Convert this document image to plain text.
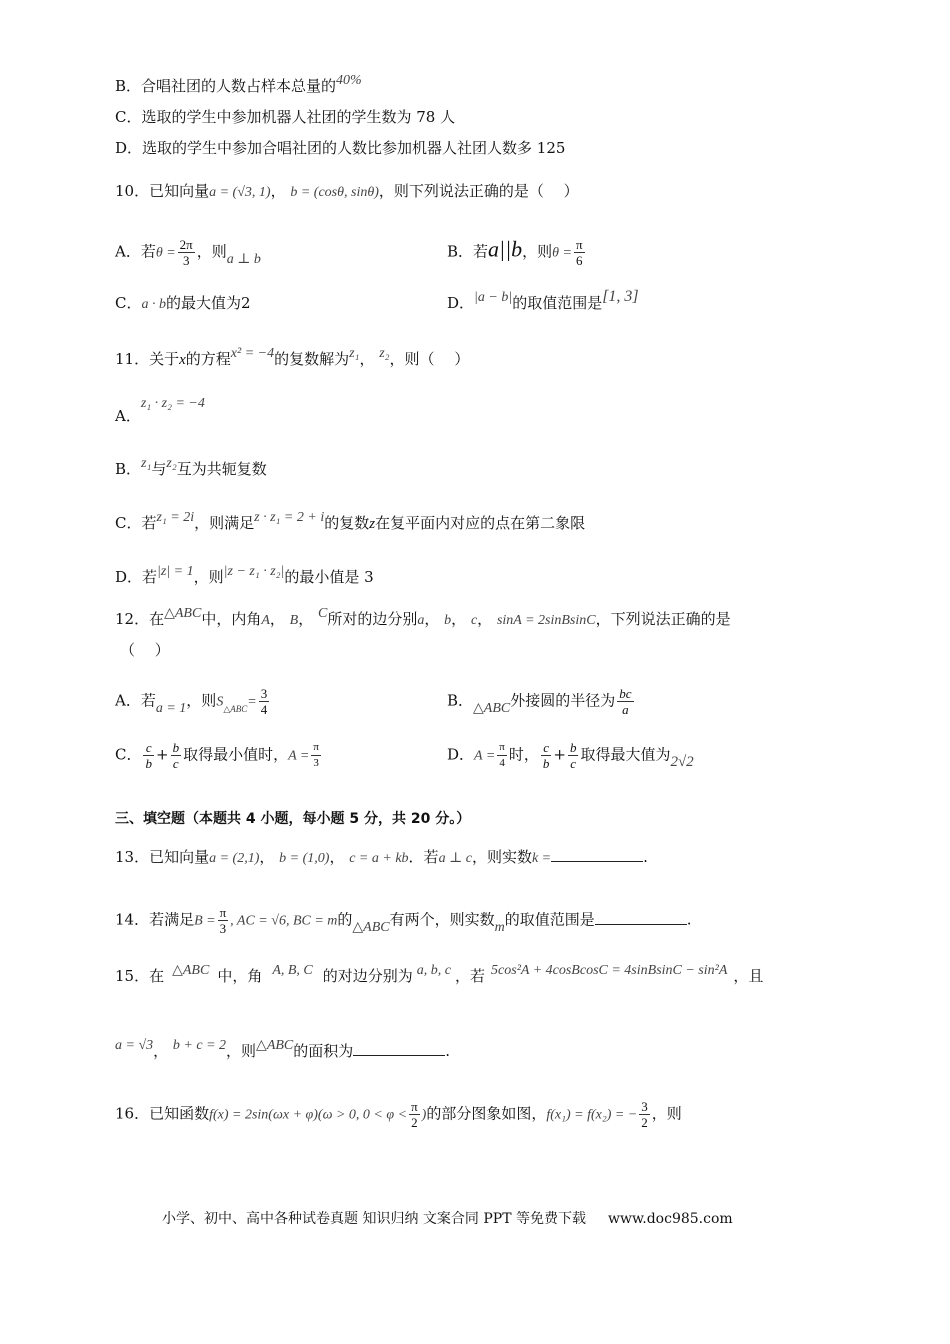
B．合唱社团的人数占样本总量的40%
C．选取的学生中参加机器人社团的学生数为 78 人
D．选取的学生中参加合唱社团的人数比参加机器人社团人数多 125
10．已知向量a = (√3, 1)， b = (cosθ, sinθ)，则下列说法正确的是（　 ）
A．若$\theta = \frac{2\pi}{3}$ ，则a ⊥ b	B．若a||b，则$\theta = \frac{\pi}{6}$
C．a · b的最大值为2	D．|a − b|的取值范围是[1, 3]
11．关于x的方程x² = −4的复数解为z₁， z₂，则（　 ）
A．z₁ · z₂ = −4
B．z₁与z₂互为共轭复数
C．若z₁ = 2i，则满足z · z₁ = 2 + i的复数z在复平面内对应的点在第二象限
D．若|z| = 1，则|z − z₁ · z₂|的最小值是 3
12．在△ABC中，内角A， B， C所对的边分别a， b， c， sinA = 2sinBsinC，下列说法正确的是
（　 ）
A．若a = 1，则$S_{\triangle ABC}= \frac{3}{4}$	B．△ABC外接圆的半径为 $\frac{bc}{a}$
C． $\frac{c}{b} + \frac{b}{c}$ 取得最小值时，$A = \frac{\pi}{3}$	D．$A = \frac{\pi}{4}$ 时， $\frac{c}{b} + \frac{b}{c}$ 取得最大值为2√2
三、填空题（本题共 4 小题，每小题 5 分，共 20 分。）
13．已知向量a = (2,1)， b = (1,0)， c = a + kb．若a ⊥ c，则实数k =	.
14．若满足$B = \frac{\pi}{3}$ , AC = √6, BC = m的△ABC有两个，则实数m的取值范围是	.
15．在 △ABC 中，角 A, B, C 的对边分别为 a, b, c ，若 5cos²A + 4cosBcosC = 4sinBsinC − sin²A ，且
a = √3， b + c = 2，则△ABC的面积为	.
16．已知函数f(x) = 2sin(ωx + φ)(ω > 0, $0 < \varphi < \frac{\pi}{2}$ )的部分图象如图，f(x₁) = f(x₂) = − $\frac{3}{2}$ ，则
小学、初中、高中各种试卷真题 知识归纳 文案合同 PPT 等免费下载 www.doc985.com
